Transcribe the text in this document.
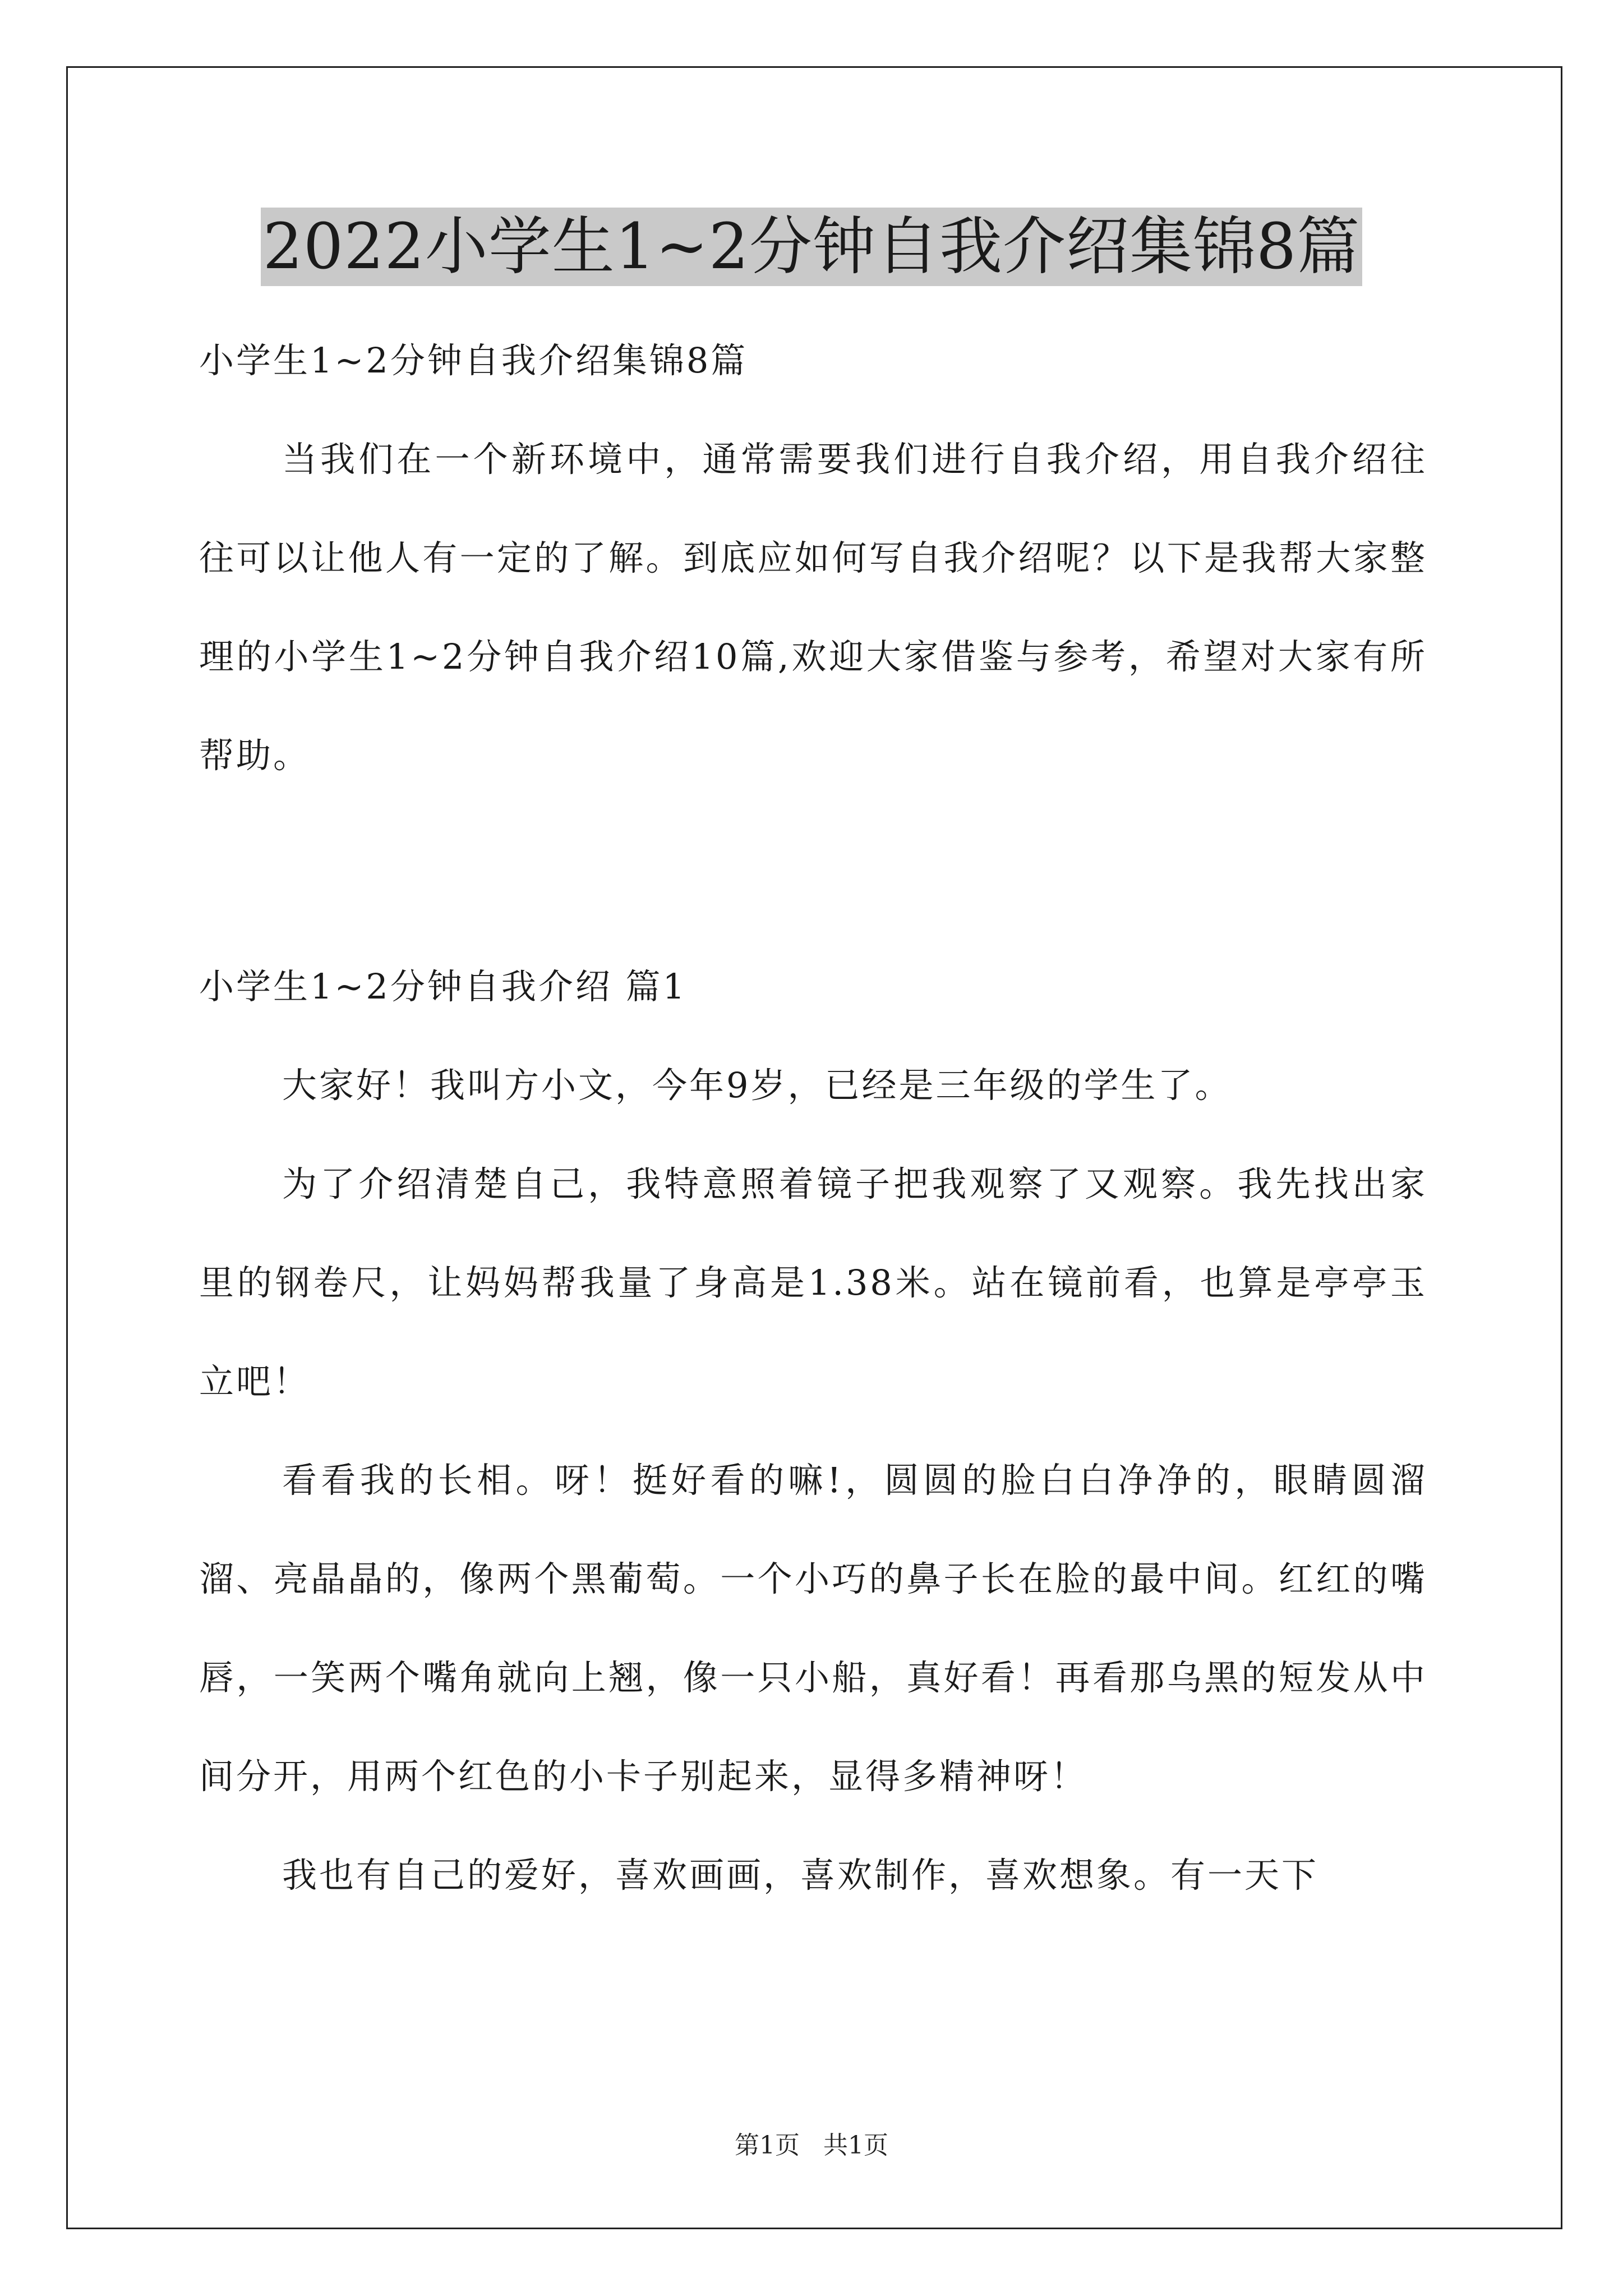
2022小学生1~2分钟自我介绍集锦8篇

小学生1~2分钟自我介绍集锦8篇

当我们在一个新环境中，通常需要我们进行自我介绍，用自我介绍往往可以让他人有一定的了解。到底应如何写自我介绍呢？以下是我帮大家整理的小学生1~2分钟自我介绍10篇,欢迎大家借鉴与参考，希望对大家有所帮助。

小学生1~2分钟自我介绍 篇1

大家好！我叫方小文，今年9岁，已经是三年级的学生了。

为了介绍清楚自己，我特意照着镜子把我观察了又观察。我先找出家里的钢卷尺，让妈妈帮我量了身高是1.38米。站在镜前看，也算是亭亭玉立吧！

看看我的长相。呀！挺好看的嘛!，圆圆的脸白白净净的，眼睛圆溜溜、亮晶晶的，像两个黑葡萄。一个小巧的鼻子长在脸的最中间。红红的嘴唇，一笑两个嘴角就向上翘，像一只小船，真好看！再看那乌黑的短发从中间分开，用两个红色的小卡子别起来，显得多精神呀！

我也有自己的爱好，喜欢画画，喜欢制作，喜欢想象。有一天下

第1页   共1页
